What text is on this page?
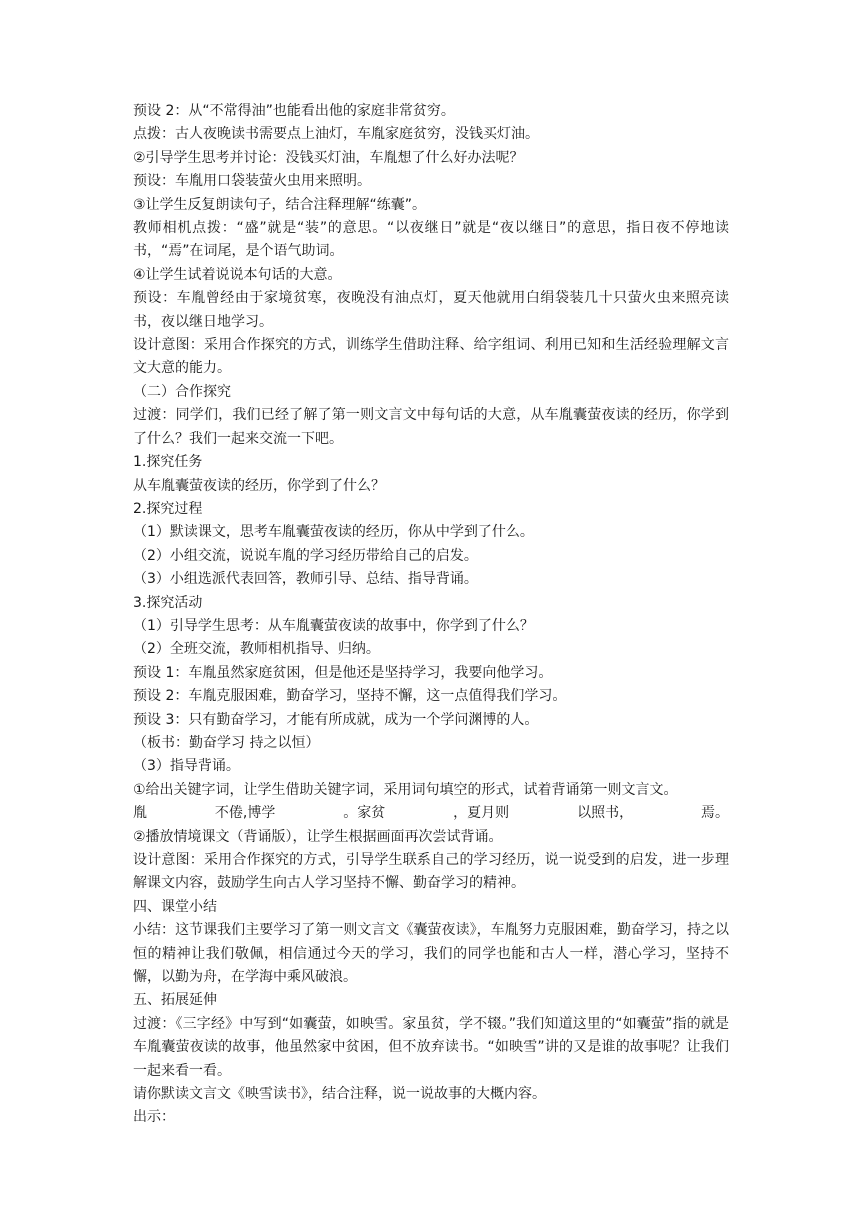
预设 2：从“不常得油”也能看出他的家庭非常贫穷。

点拨：古人夜晚读书需要点上油灯，车胤家庭贫穷，没钱买灯油。

②引导学生思考并讨论：没钱买灯油，车胤想了什么好办法呢？

预设：车胤用口袋装萤火虫用来照明。

③让学生反复朗读句子，结合注释理解“练囊”。

教师相机点拨：“盛”就是“装”的意思。“以夜继日”就是“夜以继日”的意思，指日夜不停地读书，“焉”在词尾，是个语气助词。

④让学生试着说说本句话的大意。

预设：车胤曾经由于家境贫寒，夜晚没有油点灯，夏天他就用白绢袋装几十只萤火虫来照亮读书，夜以继日地学习。

设计意图：采用合作探究的方式，训练学生借助注释、给字组词、利用已知和生活经验理解文言文大意的能力。

（二）合作探究

过渡：同学们，我们已经了解了第一则文言文中每句话的大意，从车胤囊萤夜读的经历，你学到了什么？我们一起来交流一下吧。

1.探究任务

从车胤囊萤夜读的经历，你学到了什么？

2.探究过程

（1）默读课文，思考车胤囊萤夜读的经历，你从中学到了什么。

（2）小组交流，说说车胤的学习经历带给自己的启发。

（3）小组选派代表回答，教师引导、总结、指导背诵。

3.探究活动

（1）引导学生思考：从车胤囊萤夜读的故事中，你学到了什么？

（2）全班交流，教师相机指导、归纳。

预设 1：车胤虽然家庭贫困，但是他还是坚持学习，我要向他学习。

预设 2：车胤克服困难，勤奋学习，坚持不懈，这一点值得我们学习。

预设 3：只有勤奋学习，才能有所成就，成为一个学问渊博的人。

（板书：勤奋学习 持之以恒）

（3）指导背诵。

①给出关键字词，让学生借助关键字词，采用词句填空的形式，试着背诵第一则文言文。

胤	不倦,博学	。家贫	，夏月则	以照书，	焉。

②播放情境课文（背诵版），让学生根据画面再次尝试背诵。

设计意图：采用合作探究的方式，引导学生联系自己的学习经历，说一说受到的启发，进一步理解课文内容，鼓励学生向古人学习坚持不懈、勤奋学习的精神。

四、课堂小结

小结：这节课我们主要学习了第一则文言文《囊萤夜读》，车胤努力克服困难，勤奋学习，持之以恒的精神让我们敬佩，相信通过今天的学习，我们的同学也能和古人一样，潜心学习，坚持不懈，以勤为舟，在学海中乘风破浪。

五、拓展延伸

过渡：《三字经》中写到“如囊萤，如映雪。家虽贫，学不辍。”我们知道这里的“如囊萤”指的就是车胤囊萤夜读的故事，他虽然家中贫困，但不放弃读书。“如映雪”讲的又是谁的故事呢？让我们一起来看一看。

请你默读文言文《映雪读书》，结合注释，说一说故事的大概内容。

出示：
